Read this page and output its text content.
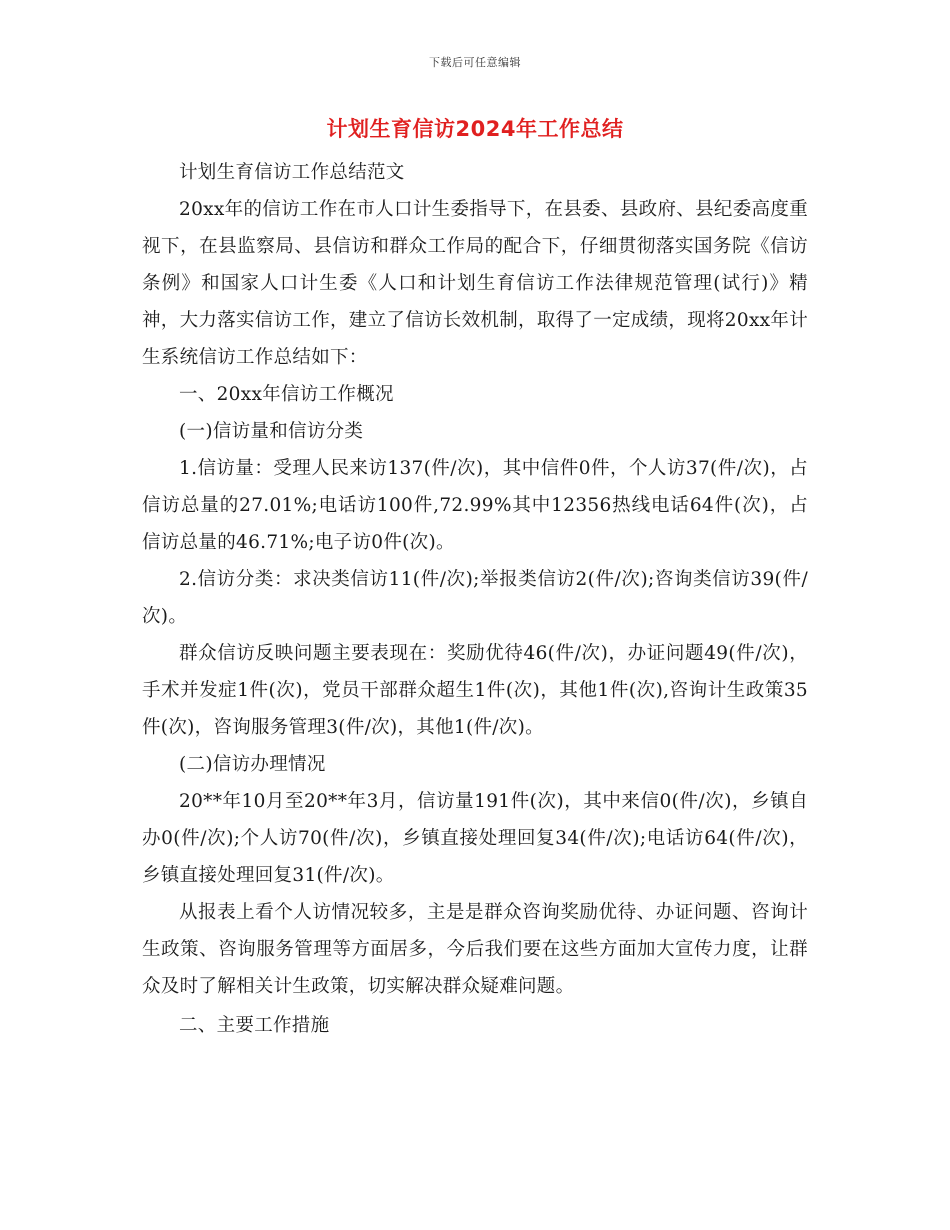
下载后可任意编辑
计划生育信访2024年工作总结

计划生育信访工作总结范文

20xx年的信访工作在市人口计生委指导下，在县委、县政府、县纪委高度重视下，在县监察局、县信访和群众工作局的配合下，仔细贯彻落实国务院《信访条例》和国家人口计生委《人口和计划生育信访工作法律规范管理(试行)》精神，大力落实信访工作，建立了信访长效机制，取得了一定成绩，现将20xx年计生系统信访工作总结如下：

一、20xx年信访工作概况

(一)信访量和信访分类

1.信访量：受理人民来访137(件/次)，其中信件0件，个人访37(件/次)，占信访总量的27.01%;电话访100件,72.99%其中12356热线电话64件(次)，占信访总量的46.71%;电子访0件(次)。

2.信访分类：求决类信访11(件/次);举报类信访2(件/次);咨询类信访39(件/次)。

群众信访反映问题主要表现在：奖励优待46(件/次)，办证问题49(件/次)，手术并发症1件(次)，党员干部群众超生1件(次)，其他1件(次),咨询计生政策35件(次)，咨询服务管理3(件/次)，其他1(件/次)。

(二)信访办理情况

20**年10月至20**年3月，信访量191件(次)，其中来信0(件/次)，乡镇自办0(件/次);个人访70(件/次)，乡镇直接处理回复34(件/次);电话访64(件/次)，乡镇直接处理回复31(件/次)。

从报表上看个人访情况较多，主是是群众咨询奖励优待、办证问题、咨询计生政策、咨询服务管理等方面居多，今后我们要在这些方面加大宣传力度，让群众及时了解相关计生政策，切实解决群众疑难问题。

二、主要工作措施
